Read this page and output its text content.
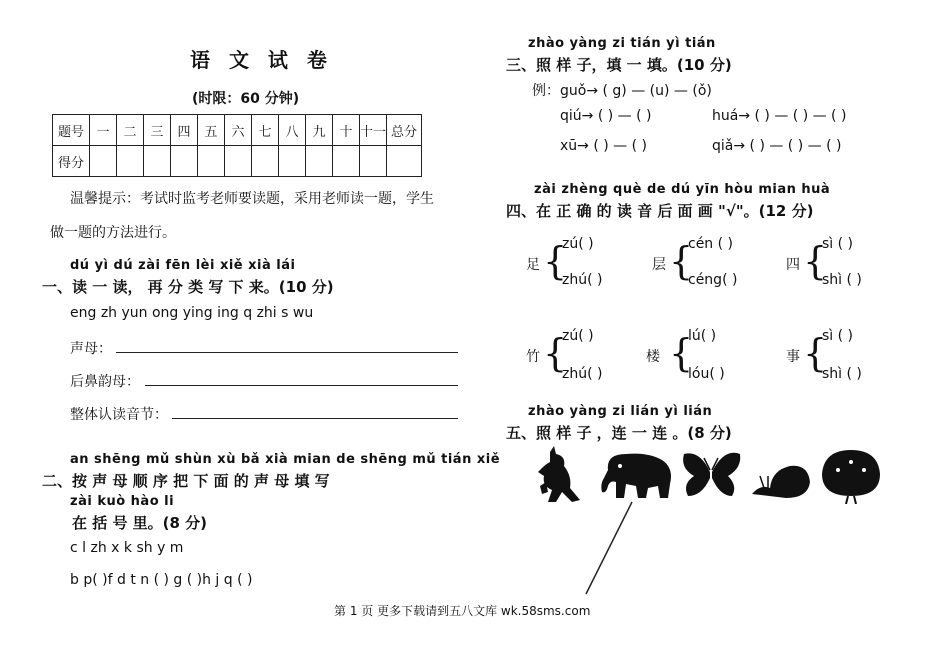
语 文 试 卷
(时限：60 分钟)
题号	一	二	三	四	五	六	七	八	九	十	十一	总分
得分												
温馨提示：考试时监考老师要读题，采用老师读一题，学生
做一题的方法进行。
dú yì dú zài fēn lèi xiě xià lái
一、读 一 读， 再 分 类 写 下 来。(10 分)
eng zh yun ong ying ing q zhi s wu
声母：
后鼻韵母：
整体认读音节：
an shēng mǔ shùn xù bǎ xià mian de shēng mǔ tián xiě
二、按 声 母 顺 序 把 下 面 的 声 母 填 写
zài kuò hào li
在 括 号 里。(8 分)
c l zh x k sh y m
b p( )f d t n ( ) g ( )h j q ( )
zhào yàng zi tián yì tián
三、照 样 子，填 一 填。(10 分)
例：guǒ→ ( g) — (u) — (ǒ)
qiú→ ( ) — ( )	huá→ ( ) — ( ) — ( )
xū→ ( ) — ( )	qiǎ→ ( ) — ( ) — ( )
zài zhèng què de dú yīn hòu mian huà
四、在 正 确 的 读 音 后 面 画 "√"。(12 分)
足 {
zú( )
zhú( )
层 {
cén ( )
céng( )
四 {
sì ( )
shì ( )
竹 {
zú( )
zhú( )
楼 {
lú( )
lóu( )
事 {
sì ( )
shì ( )
zhào yàng zi lián yì lián
五、照 样 子 ，连 一 连 。(8 分)
第 1 页 更多下载请到五八文库 wk.58sms.com
